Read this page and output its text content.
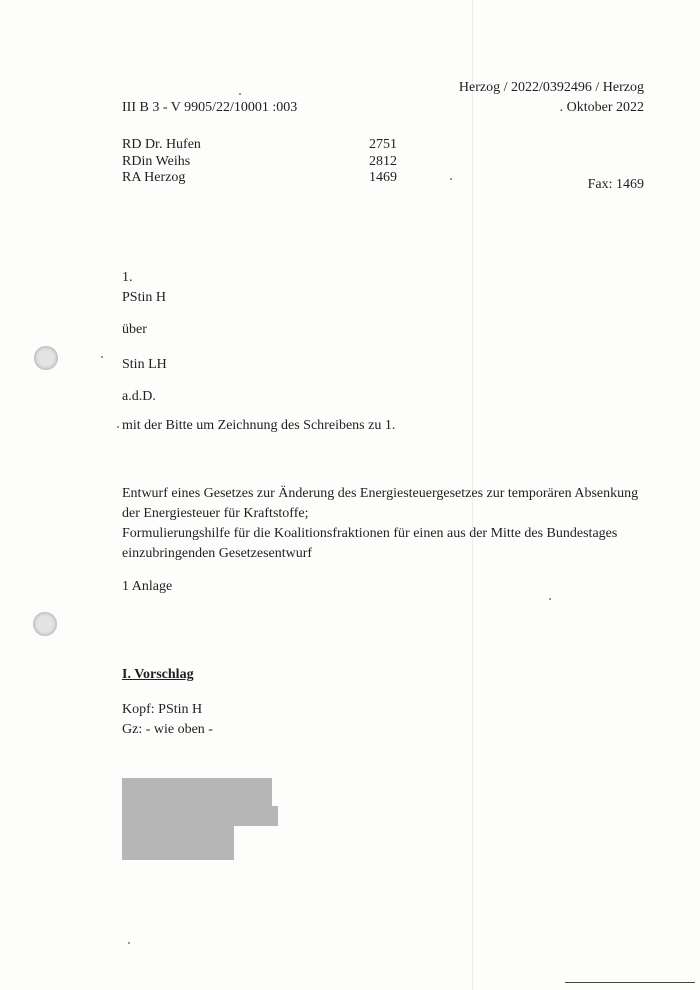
Herzog / 2022/0392496 / Herzog
. Oktober 2022
III B 3 - V 9905/22/10001 :003
RD Dr. Hufen	2751
RDin Weihs	2812
RA Herzog	1469	Fax: 1469
1.
PStin H
über
Stin LH
a.d.D.
mit der Bitte um Zeichnung des Schreibens zu 1.
Entwurf eines Gesetzes zur Änderung des Energiesteuergesetzes zur temporären Absenkung
der Energiesteuer für Kraftstoffe;
Formulierungshilfe für die Koalitionsfraktionen für einen aus der Mitte des Bundestages
einzubringenden Gesetzesentwurf
1 Anlage
I. Vorschlag
Kopf: PStin H
Gz: - wie oben -
